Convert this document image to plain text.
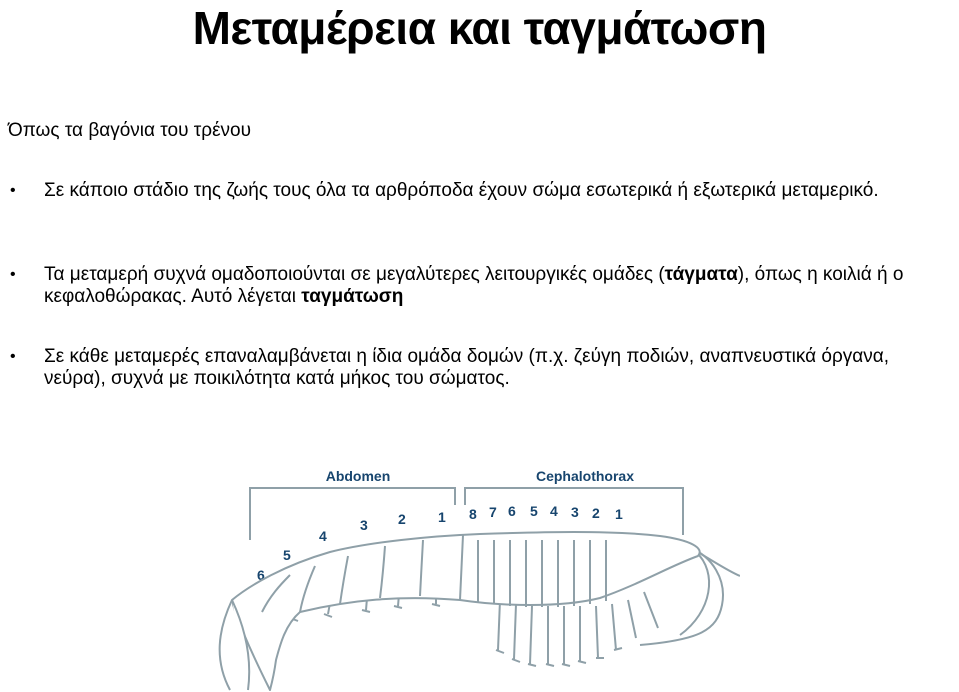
Μεταμέρεια και ταγμάτωση
Όπως τα βαγόνια του τρένου
• Σε κάποιο στάδιο της ζωής τους όλα τα αρθρόποδα έχουν σώμα εσωτερικά ή εξωτερικά μεταμερικό.
• Τα μεταμερή συχνά ομαδοποιούνται σε μεγαλύτερες λειτουργικές ομάδες (τάγματα), όπως η κοιλιά ή ο κεφαλοθώρακας. Αυτό λέγεται ταγμάτωση
• Σε κάθε μεταμερές επαναλαμβάνεται η ίδια ομάδα δομών (π.χ. ζεύγη ποδιών, αναπνευστικά όργανα, νεύρα), συχνά με ποικιλότητα κατά μήκος του σώματος.
Abdomen	Cephalothorax
6
5
4
3 2 1 8 7 6 5 4 3 2 1
